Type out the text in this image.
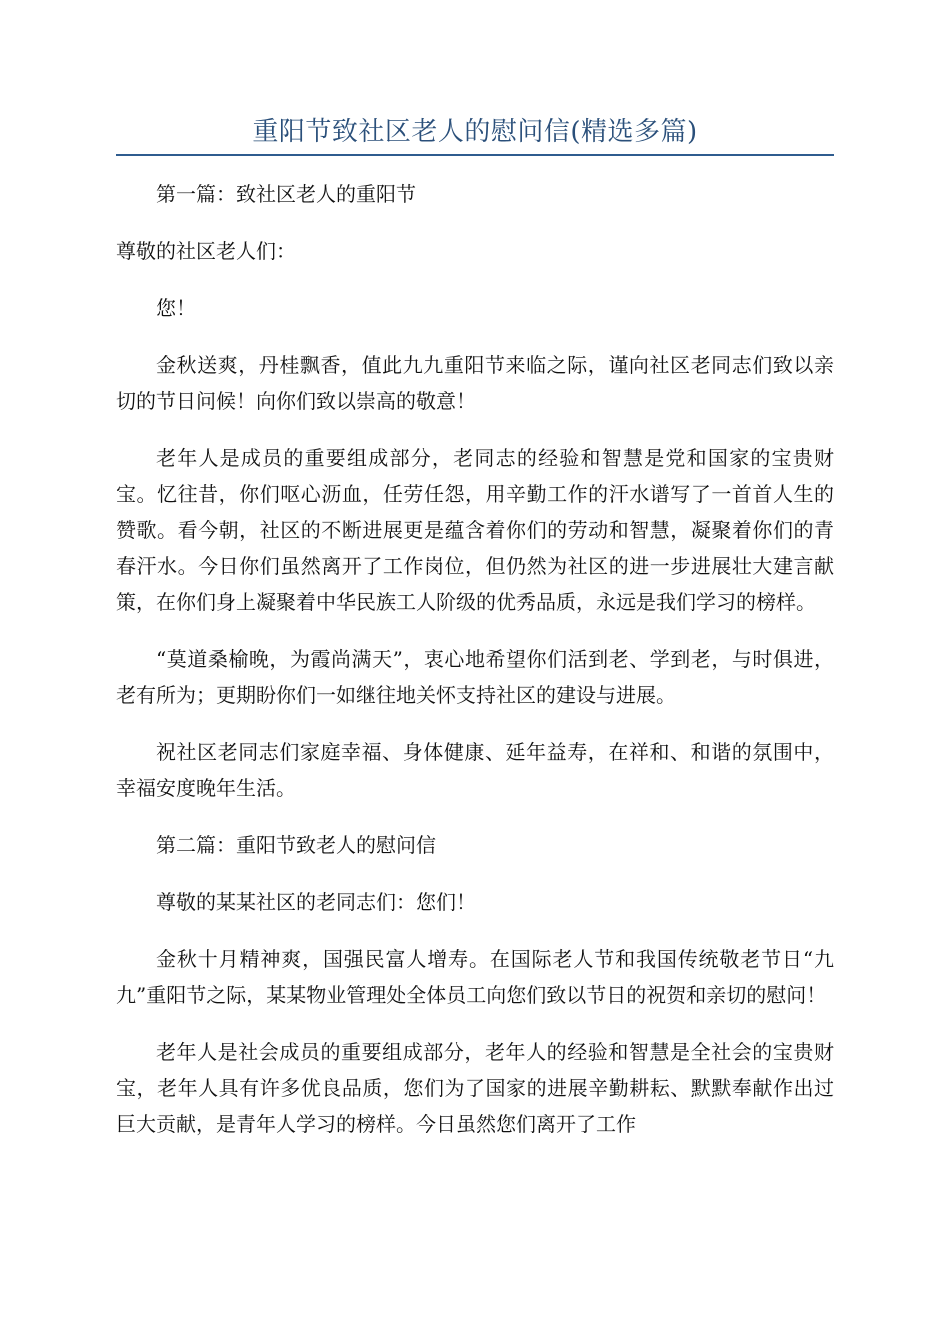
重阳节致社区老人的慰问信(精选多篇)

第一篇：致社区老人的重阳节

尊敬的社区老人们：

您！

金秋送爽，丹桂飘香，值此九九重阳节来临之际，谨向社区老同志们致以亲切的节日问候！向你们致以崇高的敬意！

老年人是成员的重要组成部分，老同志的经验和智慧是党和国家的宝贵财宝。忆往昔，你们呕心沥血，任劳任怨，用辛勤工作的汗水谱写了一首首人生的赞歌。看今朝，社区的不断进展更是蕴含着你们的劳动和智慧，凝聚着你们的青春汗水。今日你们虽然离开了工作岗位，但仍然为社区的进一步进展壮大建言献策，在你们身上凝聚着中华民族工人阶级的优秀品质，永远是我们学习的榜样。

“莫道桑榆晚，为霞尚满天”，衷心地希望你们活到老、学到老，与时俱进，老有所为；更期盼你们一如继往地关怀支持社区的建设与进展。

祝社区老同志们家庭幸福、身体健康、延年益寿，在祥和、和谐的氛围中，幸福安度晚年生活。

第二篇：重阳节致老人的慰问信

尊敬的某某社区的老同志们：您们！

金秋十月精神爽，国强民富人增寿。在国际老人节和我国传统敬老节日“九九”重阳节之际，某某物业管理处全体员工向您们致以节日的祝贺和亲切的慰问！

老年人是社会成员的重要组成部分，老年人的经验和智慧是全社会的宝贵财宝，老年人具有许多优良品质，您们为了国家的进展辛勤耕耘、默默奉献作出过巨大贡献，是青年人学习的榜样。今日虽然您们离开了工作
